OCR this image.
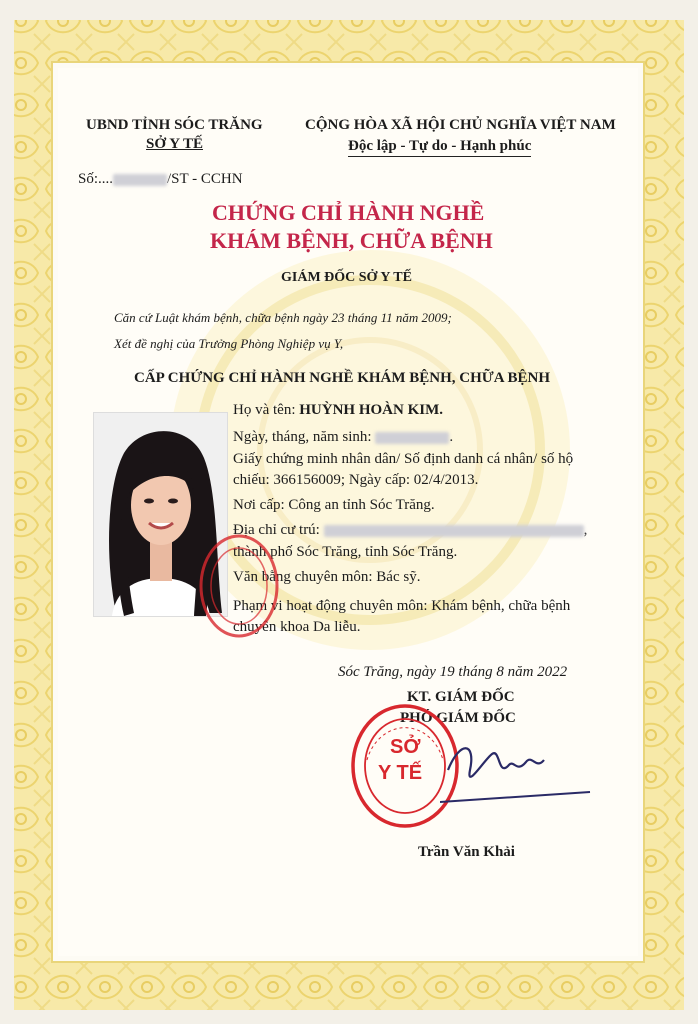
UBND TỈNH SÓC TRĂNG
SỞ Y TẾ
CỘNG HÒA XÃ HỘI CHỦ NGHĨA VIỆT NAM
Độc lập - Tự do - Hạnh phúc
Số:....	/ST - CCHN
CHỨNG CHỈ HÀNH NGHỀ
KHÁM BỆNH, CHỮA BỆNH
GIÁM ĐỐC SỞ Y TẾ
Căn cứ Luật khám bệnh, chữa bệnh ngày 23 tháng 11 năm 2009;
Xét đề nghị của Trưởng Phòng Nghiệp vụ Y,
CẤP CHỨNG CHỈ HÀNH NGHỀ KHÁM BỆNH, CHỮA BỆNH
Họ và tên: HUỲNH HOÀN KIM.
Ngày, tháng, năm sinh:	.
Giấy chứng minh nhân dân/ Số định danh cá nhân/ số hộ
chiếu: 366156009; Ngày cấp: 02/4/2013.
Nơi cấp: Công an tỉnh Sóc Trăng.
Địa chỉ cư trú:	,
thành phố Sóc Trăng, tỉnh Sóc Trăng.
Văn bằng chuyên môn: Bác sỹ.
Phạm vi hoạt động chuyên môn: Khám bệnh, chữa bệnh
chuyên khoa Da liễu.
Sóc Trăng, ngày 19 tháng 8 năm 2022
KT. GIÁM ĐỐC
PHÓ GIÁM ĐỐC
SỞ
Y TẾ
Trần Văn Khải
